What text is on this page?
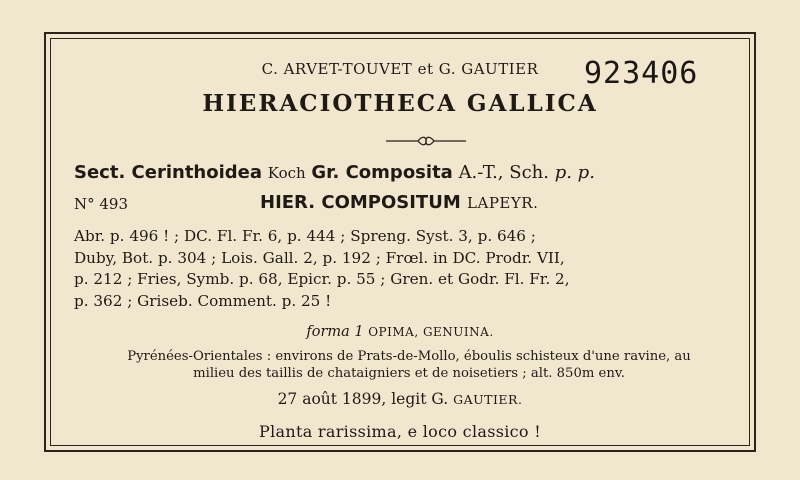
C. ARVET-TOUVET et G. GAUTIER	923406
HIERACIOTHECA GALLICA
Sect. Cerinthoidea Koch Gr. Composita A.-T., Sch. p. p.
N° 493	HIER. COMPOSITUM LAPEYR.
Abr. p. 496 ! ; DC. Fl. Fr. 6, p. 444 ; Spreng. Syst. 3, p. 646 ;
Duby, Bot. p. 304 ; Lois. Gall. 2, p. 192 ; Frœl. in DC. Prodr. VII,
p. 212 ; Fries, Symb. p. 68, Epicr. p. 55 ; Gren. et Godr. Fl. Fr. 2,
p. 362 ; Griseb. Comment. p. 25 !
forma 1 OPIMA, GENUINA.
Pyrénées-Orientales : environs de Prats-de-Mollo, éboulis schisteux d'une ravine, au
milieu des taillis de chataigniers et de noisetiers ; alt. 850m env.
27 août 1899, legit G. GAUTIER.
Planta rarissima, e loco classico !
